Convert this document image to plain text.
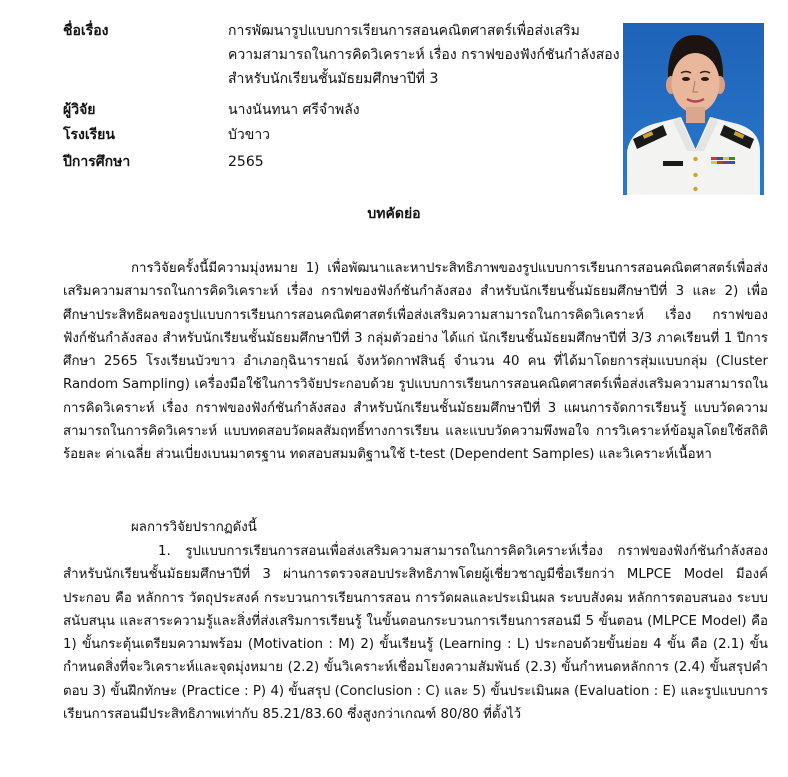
ชื่อเรื่อง	การพัฒนารูปแบบการเรียนการสอนคณิตศาสตร์เพื่อส่งเสริม
ความสามารถในการคิดวิเคราะห์ เรื่อง กราฟของฟังก์ชันกำลังสอง
สำหรับนักเรียนชั้นมัธยมศึกษาปีที่ 3
ผู้วิจัย	นางนันทนา ศรีจำพลัง
โรงเรียน	บัวขาว
ปีการศึกษา	2565
บทคัดย่อ

การวิจัยครั้งนี้มีความมุ่งหมาย 1) เพื่อพัฒนาและหาประสิทธิภาพของรูปแบบการเรียนการสอนคณิตศาสตร์เพื่อส่งเสริมความสามารถในการคิดวิเคราะห์ เรื่อง กราฟของฟังก์ชันกำลังสอง สำหรับนักเรียนชั้นมัธยมศึกษาปีที่ 3 และ 2) เพื่อศึกษาประสิทธิผลของรูปแบบการเรียนการสอนคณิตศาสตร์เพื่อส่งเสริมความสามารถในการคิดวิเคราะห์ เรื่อง กราฟของฟังก์ชันกำลังสอง สำหรับนักเรียนชั้นมัธยมศึกษาปีที่ 3 กลุ่มตัวอย่าง ได้แก่ นักเรียนชั้นมัธยมศึกษาปีที่ 3/3 ภาคเรียนที่ 1 ปีการศึกษา 2565 โรงเรียนบัวขาว อำเภอกุฉินารายณ์ จังหวัดกาฬสินธุ์ จำนวน 40 คน ที่ได้มาโดยการสุ่มแบบกลุ่ม (Cluster Random Sampling) เครื่องมือใช้ในการวิจัยประกอบด้วย รูปแบบการเรียนการสอนคณิตศาสตร์เพื่อส่งเสริมความสามารถในการคิดวิเคราะห์ เรื่อง กราฟของฟังก์ชันกำลังสอง สำหรับนักเรียนชั้นมัธยมศึกษาปีที่ 3 แผนการจัดการเรียนรู้ แบบวัดความสามารถในการคิดวิเคราะห์ แบบทดสอบวัดผลสัมฤทธิ์ทางการเรียน และแบบวัดความพึงพอใจ การวิเคราะห์ข้อมูลโดยใช้สถิติ ร้อยละ ค่าเฉลี่ย ส่วนเบี่ยงเบนมาตรฐาน ทดสอบสมมติฐานใช้ t-test (Dependent Samples) และวิเคราะห์เนื้อหา

ผลการวิจัยปรากฏดังนี้

1. รูปแบบการเรียนการสอนเพื่อส่งเสริมความสามารถในการคิดวิเคราะห์เรื่อง กราฟของฟังก์ชันกำลังสองสำหรับนักเรียนชั้นมัธยมศึกษาปีที่ 3 ผ่านการตรวจสอบประสิทธิภาพโดยผู้เชี่ยวชาญมีชื่อเรียกว่า MLPCE Model มีองค์ประกอบ คือ หลักการ วัตถุประสงค์ กระบวนการเรียนการสอน การวัดผลและประเมินผล ระบบสังคม หลักการตอบสนอง ระบบสนับสนุน และสาระความรู้และสิ่งที่ส่งเสริมการเรียนรู้ ในขั้นตอนกระบวนการเรียนการสอนมี 5 ขั้นตอน (MLPCE Model) คือ 1) ขั้นกระตุ้นเตรียมความพร้อม (Motivation : M) 2) ขั้นเรียนรู้ (Learning : L) ประกอบด้วยขั้นย่อย 4 ขั้น คือ (2.1) ขั้นกำหนดสิ่งที่จะวิเคราะห์และจุดมุ่งหมาย (2.2) ขั้นวิเคราะห์เชื่อมโยงความสัมพันธ์ (2.3) ขั้นกำหนดหลักการ (2.4) ขั้นสรุปคำตอบ 3) ขั้นฝึกทักษะ (Practice : P) 4) ขั้นสรุป (Conclusion : C) และ 5) ขั้นประเมินผล (Evaluation : E) และรูปแบบการเรียนการสอนมีประสิทธิภาพเท่ากับ 85.21/83.60 ซึ่งสูงกว่าเกณฑ์ 80/80 ที่ตั้งไว้
